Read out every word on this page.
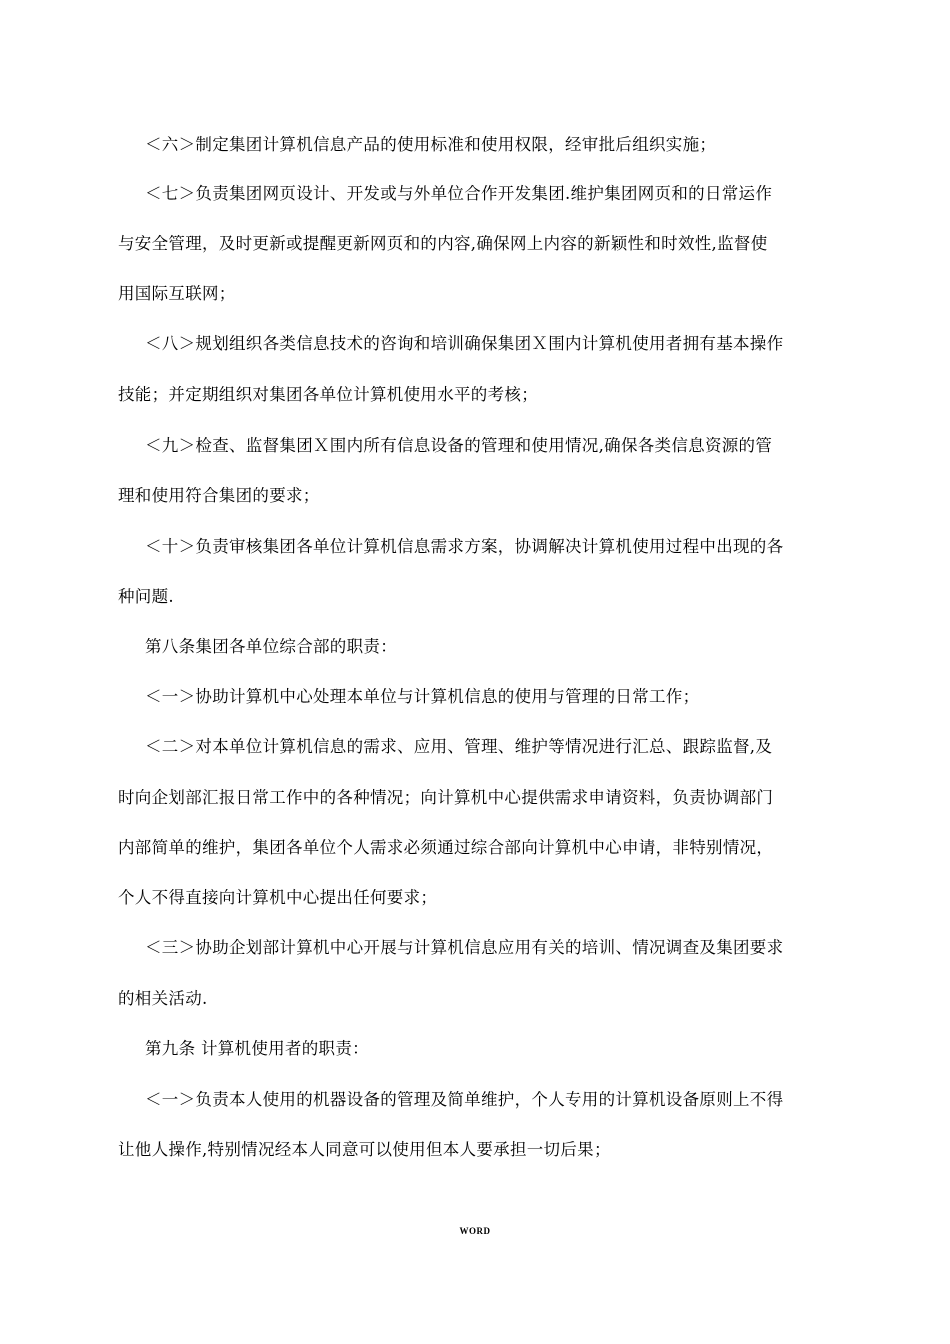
＜六＞制定集团计算机信息产品的使用标准和使用权限，经审批后组织实施；
＜七＞负责集团网页设计、开发或与外单位合作开发集团.维护集团网页和的日常运作
与安全管理，及时更新或提醒更新网页和的内容,确保网上内容的新颖性和时效性,监督使
用国际互联网；
＜八＞规划组织各类信息技术的咨询和培训确保集团Ｘ围内计算机使用者拥有基本操作
技能；并定期组织对集团各单位计算机使用水平的考核；
＜九＞检查、监督集团Ｘ围内所有信息设备的管理和使用情况,确保各类信息资源的管
理和使用符合集团的要求；
＜十＞负责审核集团各单位计算机信息需求方案，协调解决计算机使用过程中出现的各
种问题.
第八条集团各单位综合部的职责：
＜一＞协助计算机中心处理本单位与计算机信息的使用与管理的日常工作；
＜二＞对本单位计算机信息的需求、应用、管理、维护等情况进行汇总、跟踪监督,及
时向企划部汇报日常工作中的各种情况；向计算机中心提供需求申请资料，负责协调部门
内部简单的维护，集团各单位个人需求必须通过综合部向计算机中心申请，非特别情况，
个人不得直接向计算机中心提出任何要求；
＜三＞协助企划部计算机中心开展与计算机信息应用有关的培训、情况调查及集团要求
的相关活动.
第九条 计算机使用者的职责：
＜一＞负责本人使用的机器设备的管理及简单维护，个人专用的计算机设备原则上不得
让他人操作,特别情况经本人同意可以使用但本人要承担一切后果；
WORD
